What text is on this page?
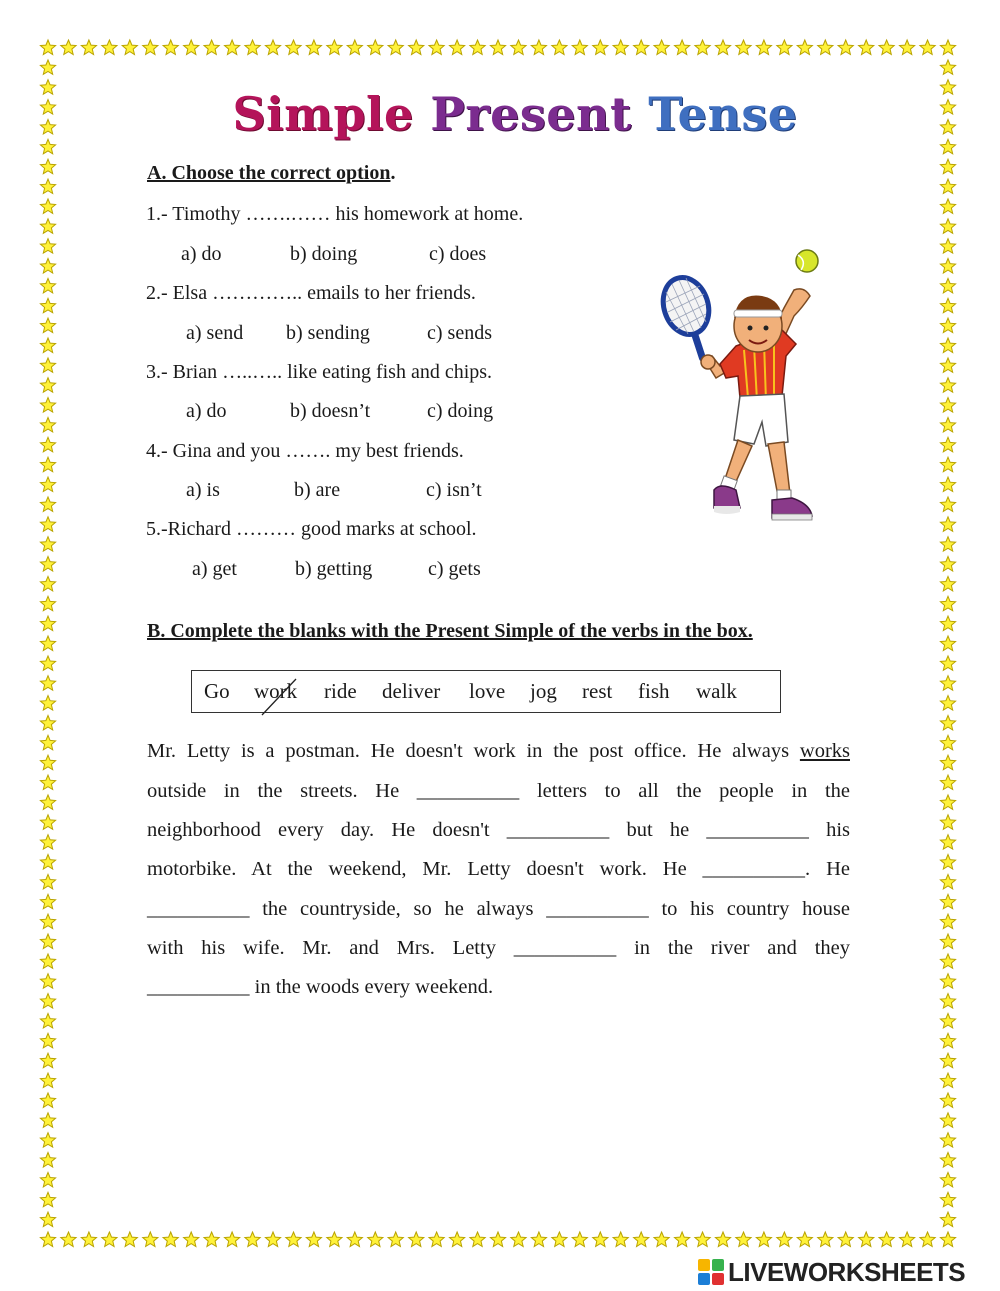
Simple Present Tense
A. Choose the correct option.
1.- Timothy …….…… his homework at home.
a) do	b) doing	c) does
2.- Elsa ………….. emails to her friends.
a) send b) sending	c) sends
3.- Brian …..….. like eating fish and chips.
a) do	b) doesn’t	c) doing
4.- Gina and you ……. my best friends.
a) is	b) are	c) isn’t
5.-Richard ……… good marks at school.
a) get	b) getting	c) gets
B. Complete the blanks with the Present Simple of the verbs in the box.
Go work ride deliver love jog rest fish walk
Mr. Letty is a postman. He doesn't work in the post office. He always works
outside in the streets. He __________ letters to all the people in the
neighborhood every day. He doesn't __________ but he __________ his
motorbike. At the weekend, Mr. Letty doesn't work. He __________. He
__________ the countryside, so he always __________ to his country house
with his wife. Mr. and Mrs. Letty __________ in the river and they
__________ in the woods every weekend.
LIVEWORKSHEETS
